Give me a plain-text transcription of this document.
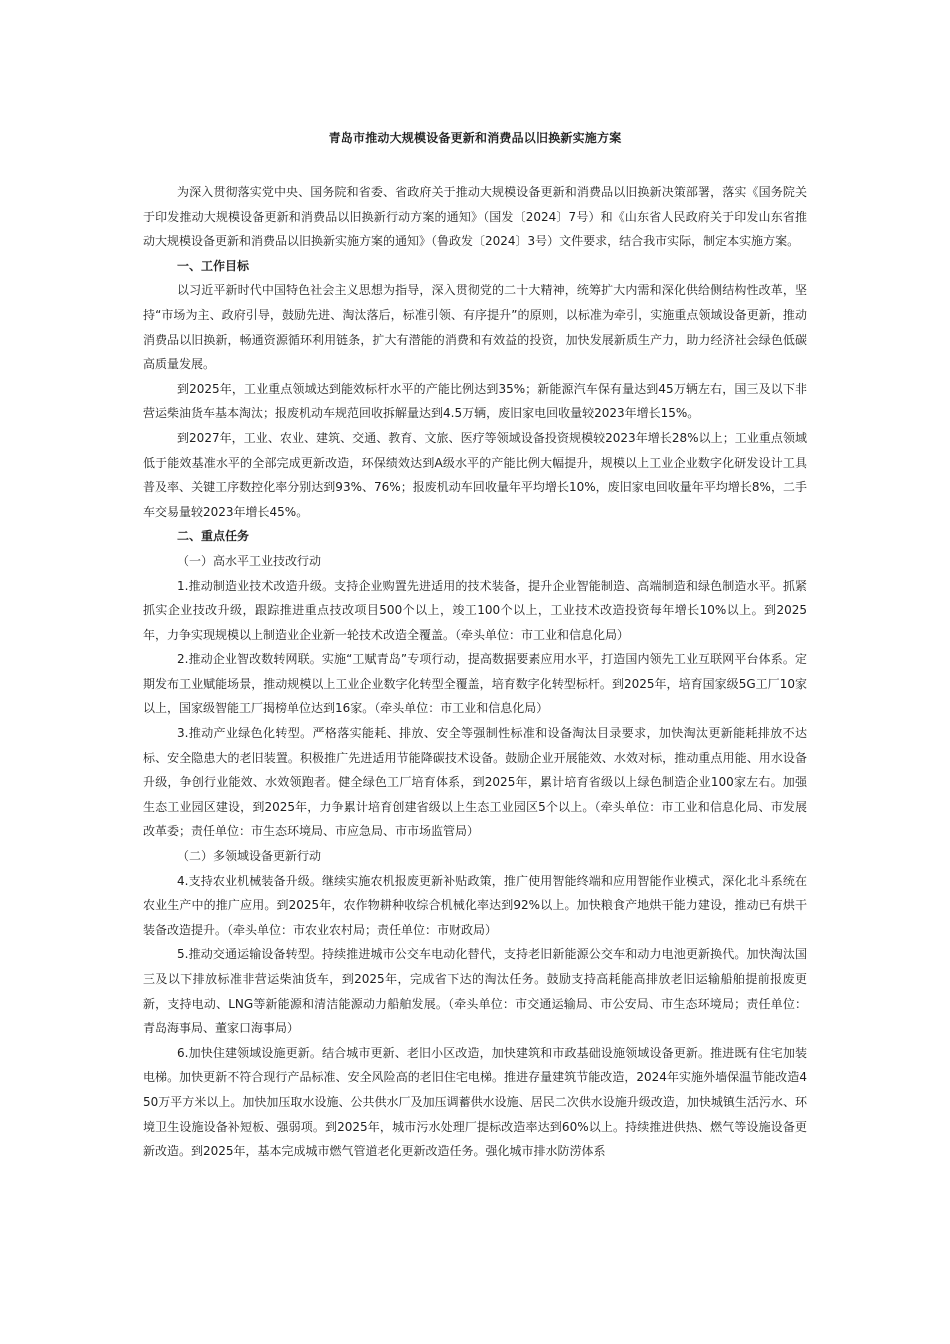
青岛市推动大规模设备更新和消费品以旧换新实施方案

为深入贯彻落实党中央、国务院和省委、省政府关于推动大规模设备更新和消费品以旧换新决策部署，落实《国务院关于印发推动大规模设备更新和消费品以旧换新行动方案的通知》（国发〔2024〕7号）和《山东省人民政府关于印发山东省推动大规模设备更新和消费品以旧换新实施方案的通知》（鲁政发〔2024〕3号）文件要求，结合我市实际，制定本实施方案。

一、工作目标

以习近平新时代中国特色社会主义思想为指导，深入贯彻党的二十大精神，统筹扩大内需和深化供给侧结构性改革，坚持“市场为主、政府引导，鼓励先进、淘汰落后，标准引领、有序提升”的原则，以标准为牵引，实施重点领域设备更新，推动消费品以旧换新，畅通资源循环利用链条，扩大有潜能的消费和有效益的投资，加快发展新质生产力，助力经济社会绿色低碳高质量发展。

到2025年，工业重点领域达到能效标杆水平的产能比例达到35%；新能源汽车保有量达到45万辆左右，国三及以下非营运柴油货车基本淘汰；报废机动车规范回收拆解量达到4.5万辆，废旧家电回收量较2023年增长15%。

到2027年，工业、农业、建筑、交通、教育、文旅、医疗等领域设备投资规模较2023年增长28%以上；工业重点领域低于能效基准水平的全部完成更新改造，环保绩效达到A级水平的产能比例大幅提升，规模以上工业企业数字化研发设计工具普及率、关键工序数控化率分别达到93%、76%；报废机动车回收量年平均增长10%，废旧家电回收量年平均增长8%，二手车交易量较2023年增长45%。

二、重点任务

（一）高水平工业技改行动

1.推动制造业技术改造升级。支持企业购置先进适用的技术装备，提升企业智能制造、高端制造和绿色制造水平。抓紧抓实企业技改升级，跟踪推进重点技改项目500个以上，竣工100个以上，工业技术改造投资每年增长10%以上。到2025年，力争实现规模以上制造业企业新一轮技术改造全覆盖。（牵头单位：市工业和信息化局）

2.推动企业智改数转网联。实施“工赋青岛”专项行动，提高数据要素应用水平，打造国内领先工业互联网平台体系。定期发布工业赋能场景，推动规模以上工业企业数字化转型全覆盖，培育数字化转型标杆。到2025年，培育国家级5G工厂10家以上，国家级智能工厂揭榜单位达到16家。（牵头单位：市工业和信息化局）

3.推动产业绿色化转型。严格落实能耗、排放、安全等强制性标准和设备淘汰目录要求，加快淘汰更新能耗排放不达标、安全隐患大的老旧装置。积极推广先进适用节能降碳技术设备。鼓励企业开展能效、水效对标，推动重点用能、用水设备升级，争创行业能效、水效领跑者。健全绿色工厂培育体系，到2025年，累计培育省级以上绿色制造企业100家左右。加强生态工业园区建设，到2025年，力争累计培育创建省级以上生态工业园区5个以上。（牵头单位：市工业和信息化局、市发展改革委；责任单位：市生态环境局、市应急局、市市场监管局）

（二）多领域设备更新行动

4.支持农业机械装备升级。继续实施农机报废更新补贴政策，推广使用智能终端和应用智能作业模式，深化北斗系统在农业生产中的推广应用。到2025年，农作物耕种收综合机械化率达到92%以上。加快粮食产地烘干能力建设，推动已有烘干装备改造提升。（牵头单位：市农业农村局；责任单位：市财政局）

5.推动交通运输设备转型。持续推进城市公交车电动化替代，支持老旧新能源公交车和动力电池更新换代。加快淘汰国三及以下排放标准非营运柴油货车，到2025年，完成省下达的淘汰任务。鼓励支持高耗能高排放老旧运输船舶提前报废更新，支持电动、LNG等新能源和清洁能源动力船舶发展。（牵头单位：市交通运输局、市公安局、市生态环境局；责任单位：青岛海事局、董家口海事局）

6.加快住建领域设施更新。结合城市更新、老旧小区改造，加快建筑和市政基础设施领域设备更新。推进既有住宅加装电梯。加快更新不符合现行产品标准、安全风险高的老旧住宅电梯。推进存量建筑节能改造，2024年实施外墙保温节能改造450万平方米以上。加快加压取水设施、公共供水厂及加压调蓄供水设施、居民二次供水设施升级改造，加快城镇生活污水、环境卫生设施设备补短板、强弱项。到2025年，城市污水处理厂提标改造率达到60%以上。持续推进供热、燃气等设施设备更新改造。到2025年，基本完成城市燃气管道老化更新改造任务。强化城市排水防涝体系
